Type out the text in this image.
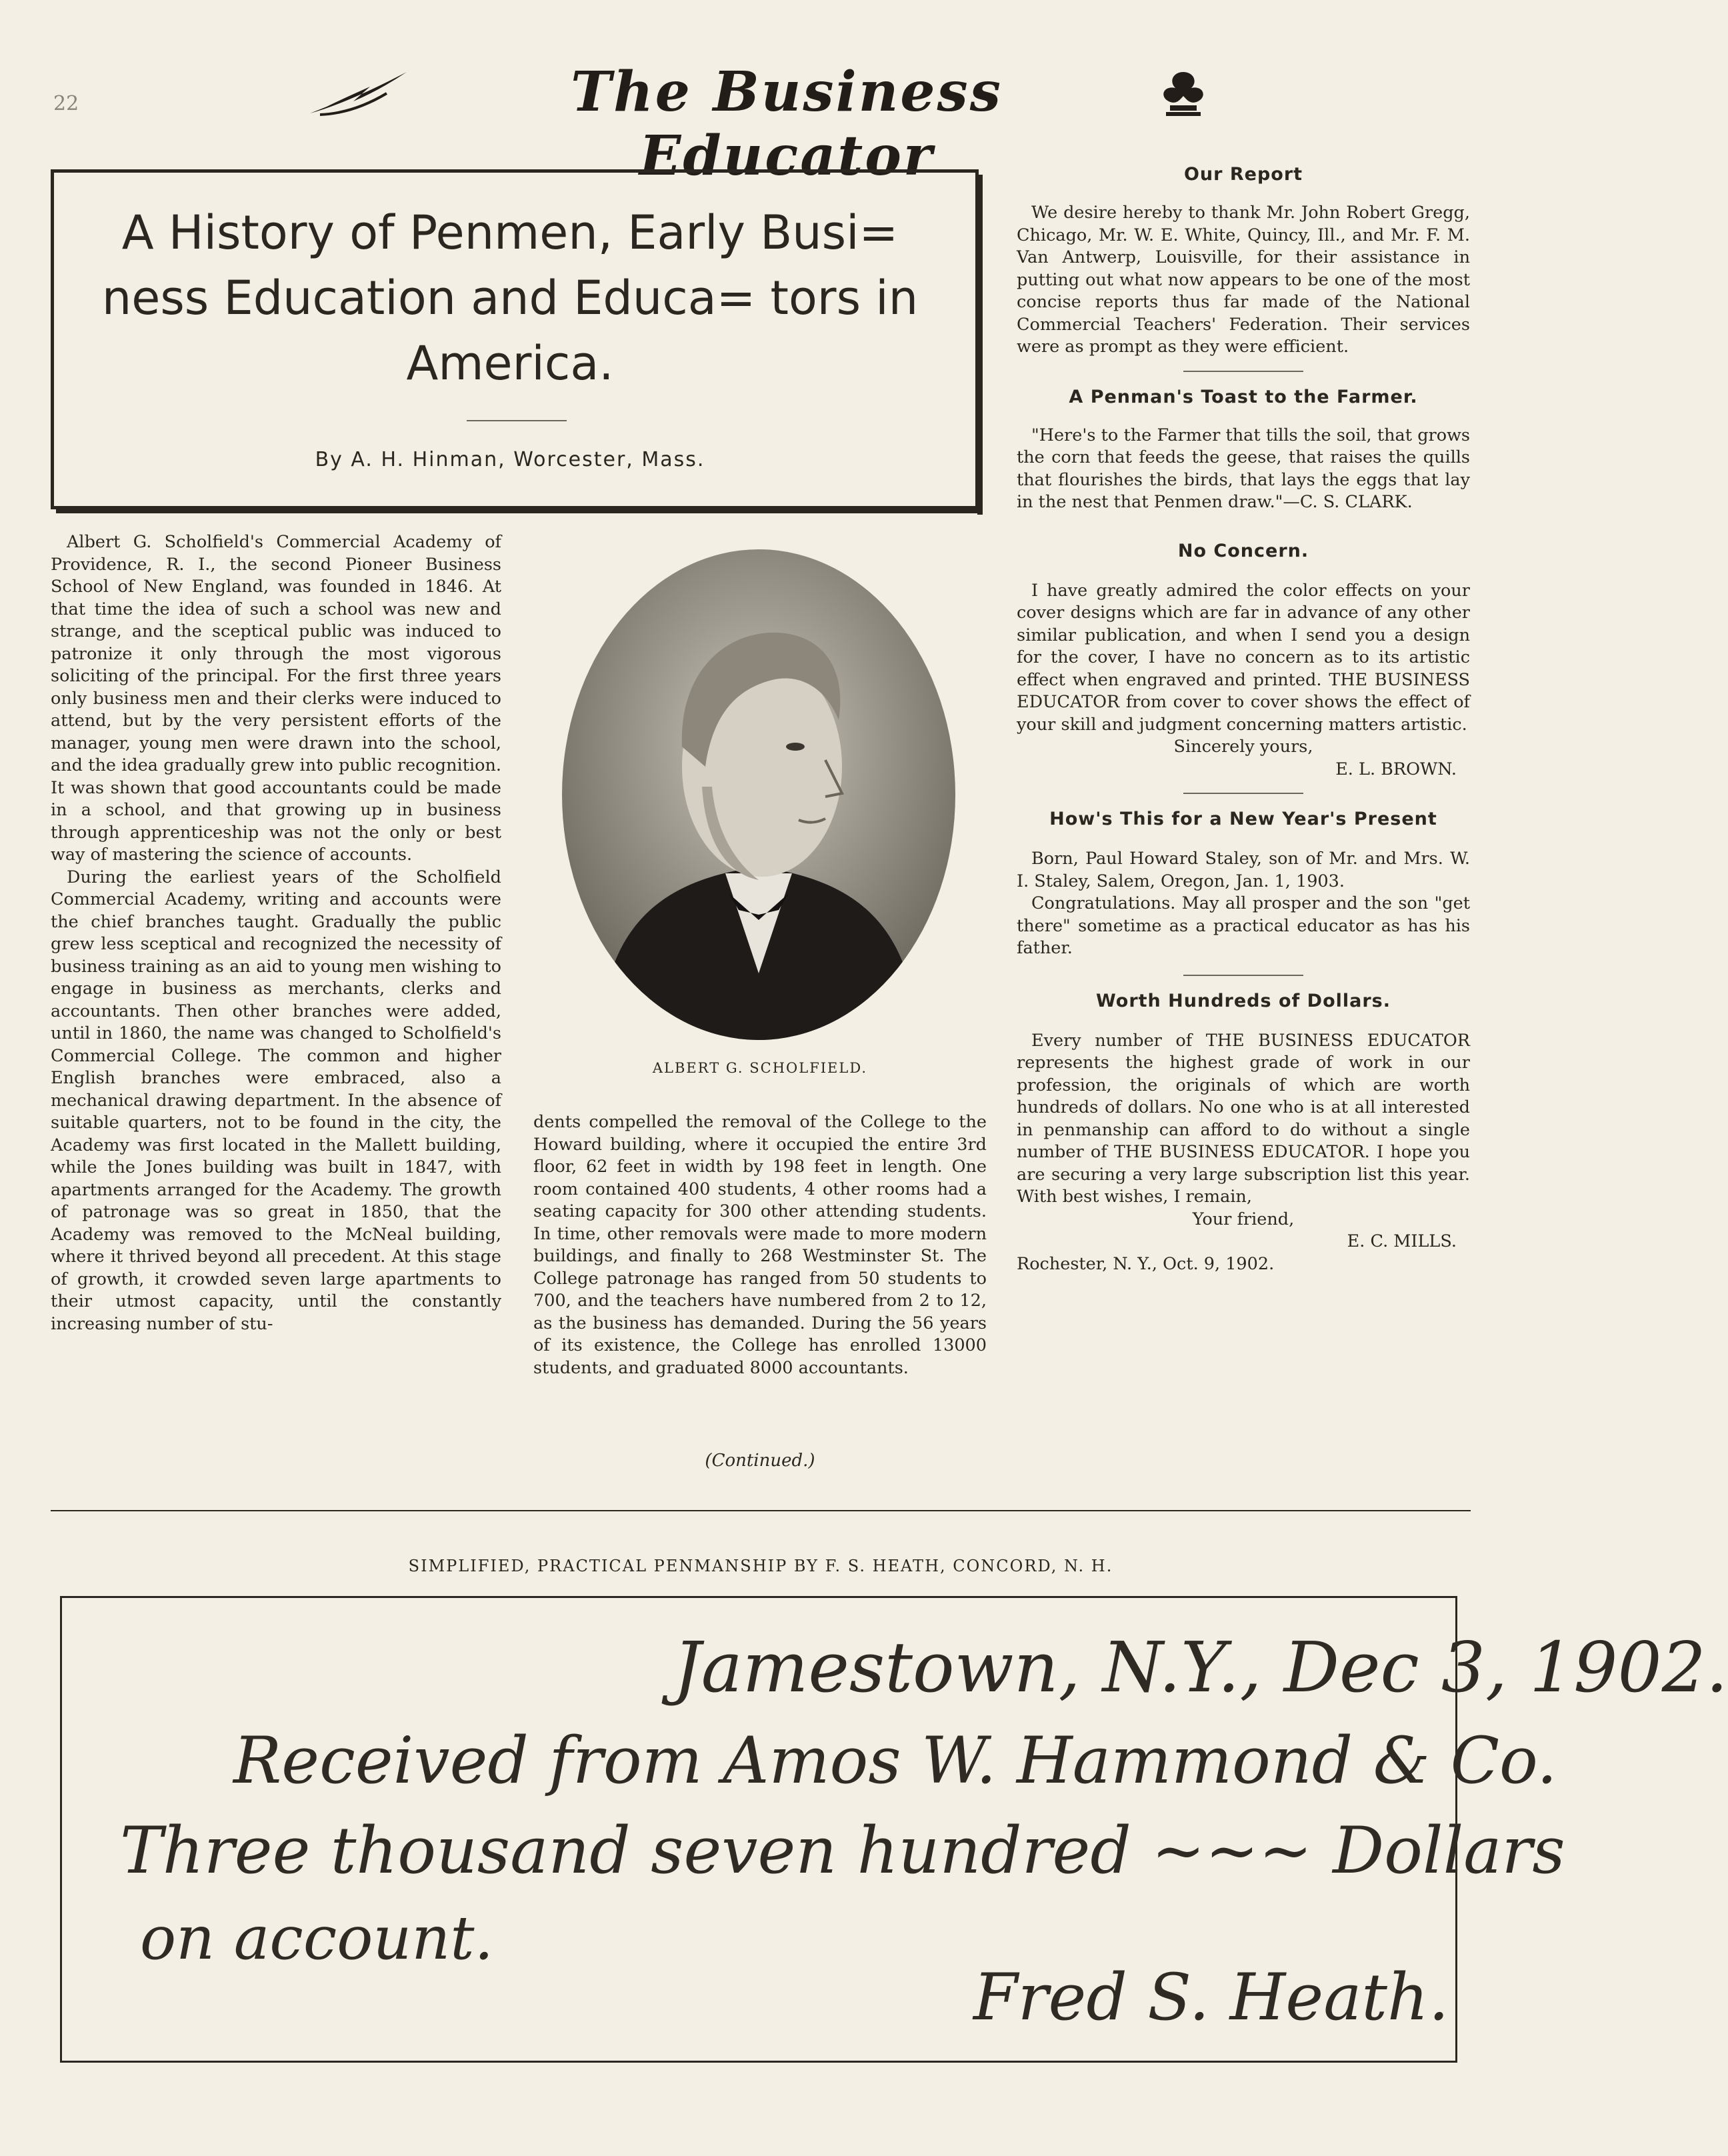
22	The Business Educator
A History of Penmen, Early Busi= ness Education and Educa= tors in America.
By A. H. Hinman, Worcester, Mass.

Albert G. Scholfield's Commercial Academy of Providence, R. I., the second Pioneer Business School of New England, was founded in 1846. At that time the idea of such a school was new and strange, and the sceptical public was induced to patronize it only through the most vigorous soliciting of the principal. For the first three years only business men and their clerks were induced to attend, but by the very persistent efforts of the manager, young men were drawn into the school, and the idea gradually grew into public recognition. It was shown that good accountants could be made in a school, and that growing up in business through apprenticeship was not the only or best way of mastering the science of accounts.

During the earliest years of the Scholfield Commercial Academy, writing and accounts were the chief branches taught. Gradually the public grew less sceptical and recognized the necessity of business training as an aid to young men wishing to engage in business as merchants, clerks and accountants. Then other branches were added, until in 1860, the name was changed to Scholfield's Commercial College. The common and higher English branches were embraced, also a mechanical drawing department. In the absence of suitable quarters, not to be found in the city, the Academy was first located in the Mallett building, while the Jones building was built in 1847, with apartments arranged for the Academy. The growth of patronage was so great in 1850, that the Academy was removed to the McNeal building, where it thrived beyond all precedent. At this stage of growth, it crowded seven large apartments to their utmost capacity, until the constantly increasing number of stu-

ALBERT G. SCHOLFIELD.

dents compelled the removal of the College to the Howard building, where it occupied the entire 3rd floor, 62 feet in width by 198 feet in length. One room contained 400 students, 4 other rooms had a seating capacity for 300 other attending students. In time, other removals were made to more modern buildings, and finally to 268 Westminster St. The College patronage has ranged from 50 students to 700, and the teachers have numbered from 2 to 12, as the business has demanded. During the 56 years of its existence, the College has enrolled 13000 students, and graduated 8000 accountants.

(Continued.)
Our Report

We desire hereby to thank Mr. John Robert Gregg, Chicago, Mr. W. E. White, Quincy, Ill., and Mr. F. M. Van Antwerp, Louisville, for their assistance in putting out what now appears to be one of the most concise reports thus far made of the National Commercial Teachers' Federation. Their services were as prompt as they were efficient.

A Penman's Toast to the Farmer.

"Here's to the Farmer that tills the soil, that grows the corn that feeds the geese, that raises the quills that flourishes the birds, that lays the eggs that lay in the nest that Penmen draw."—C. S. CLARK.

No Concern.

I have greatly admired the color effects on your cover designs which are far in advance of any other similar publication, and when I send you a design for the cover, I have no concern as to its artistic effect when engraved and printed. THE BUSINESS EDUCATOR from cover to cover shows the effect of your skill and judgment concerning matters artistic.

Sincerely yours,

E. L. BROWN.

How's This for a New Year's Present

Born, Paul Howard Staley, son of Mr. and Mrs. W. I. Staley, Salem, Oregon, Jan. 1, 1903.

Congratulations. May all prosper and the son "get there" sometime as a practical educator as has his father.

Worth Hundreds of Dollars.

Every number of THE BUSINESS EDUCATOR represents the highest grade of work in our profession, the originals of which are worth hundreds of dollars. No one who is at all interested in penmanship can afford to do without a single number of THE BUSINESS EDUCATOR. I hope you are securing a very large subscription list this year. With best wishes, I remain,

Your friend,

E. C. MILLS.

Rochester, N. Y., Oct. 9, 1902.

SIMPLIFIED, PRACTICAL PENMANSHIP BY F. S. HEATH, CONCORD, N. H.
Jamestown, N.Y., Dec 3, 1902.
Received from Amos W. Hammond & Co.
Three thousand seven hundred ~~~ Dollars
on account.
Fred S. Heath.
